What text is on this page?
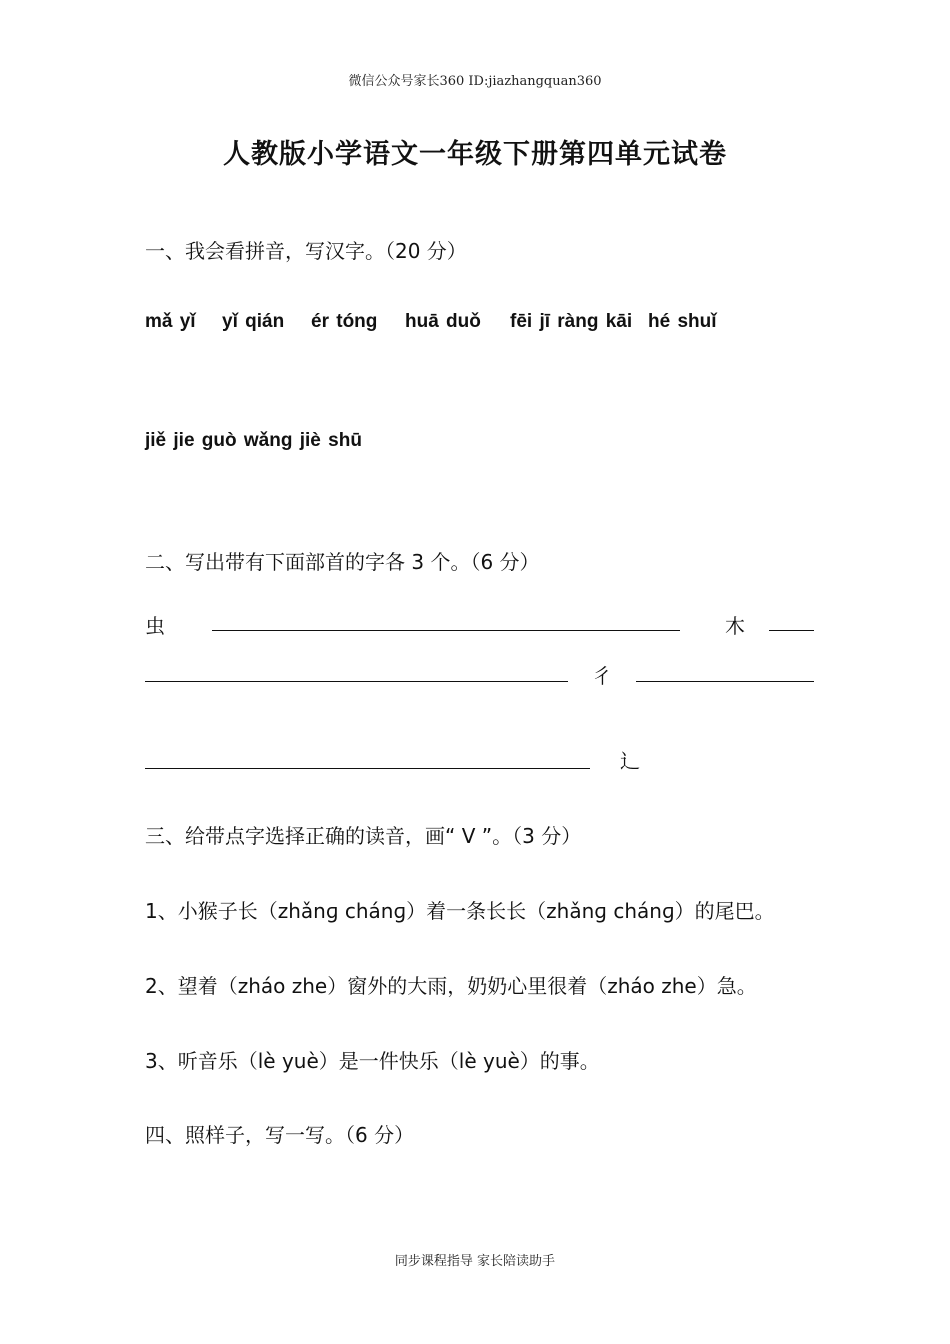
微信公众号家长360 ID:jiazhangquan360
人教版小学语文一年级下册第四单元试卷
一、我会看拼音，写汉字。（20 分）
mǎ yǐ yǐ qián ér tónɡ huā duǒ fēi jī rànɡ kāi hé shuǐ
jiě jie ɡuò wǎnɡ jiè shū
二、写出带有下面部首的字各 3 个。（6 分）
虫	木
彳
辶
三、给带点字选择正确的读音，画“ V ”。（3 分）
1、小猴子长（zhǎnɡ chánɡ）着一条长长（zhǎnɡ chánɡ）的尾巴。
2、望着（zháo zhe）窗外的大雨，奶奶心里很着（zháo zhe）急。
3、听音乐（lè yuè）是一件快乐（lè yuè）的事。
四、照样子，写一写。（6 分）
同步课程指导 家长陪读助手
